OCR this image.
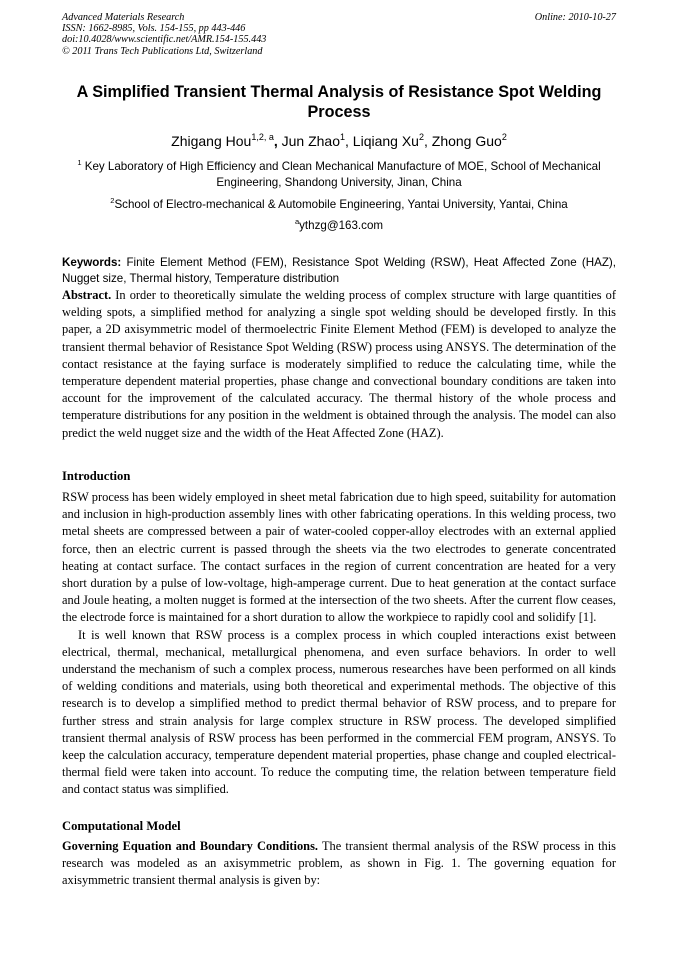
Advanced Materials Research
ISSN: 1662-8985, Vols. 154-155, pp 443-446
doi:10.4028/www.scientific.net/AMR.154-155.443
© 2011 Trans Tech Publications Ltd, Switzerland
Online: 2010-10-27
A Simplified Transient Thermal Analysis of Resistance Spot Welding Process
Zhigang Hou$^{1,2, a}$, Jun Zhao$^1$, Liqiang Xu$^2$, Zhong Guo$^2$
$^1$ Key Laboratory of High Efficiency and Clean Mechanical Manufacture of MOE, School of Mechanical Engineering, Shandong University, Jinan, China
$^2$School of Electro-mechanical & Automobile Engineering, Yantai University, Yantai, China
$^a$ythzg@163.com
Keywords: Finite Element Method (FEM), Resistance Spot Welding (RSW), Heat Affected Zone (HAZ), Nugget size, Thermal history, Temperature distribution

Abstract. In order to theoretically simulate the welding process of complex structure with large quantities of welding spots, a simplified method for analyzing a single spot welding should be developed firstly. In this paper, a 2D axisymmetric model of thermoelectric Finite Element Method (FEM) is developed to analyze the transient thermal behavior of Resistance Spot Welding (RSW) process using ANSYS. The determination of the contact resistance at the faying surface is moderately simplified to reduce the calculating time, while the temperature dependent material properties, phase change and convectional boundary conditions are taken into account for the improvement of the calculated accuracy. The thermal history of the whole process and temperature distributions for any position in the weldment is obtained through the analysis. The model can also predict the weld nugget size and the width of the Heat Affected Zone (HAZ).

Introduction

RSW process has been widely employed in sheet metal fabrication due to high speed, suitability for automation and inclusion in high-production assembly lines with other fabricating operations. In this welding process, two metal sheets are compressed between a pair of water-cooled copper-alloy electrodes with an external applied force, then an electric current is passed through the sheets via the two electrodes to generate concentrated heating at contact surface. The contact surfaces in the region of current concentration are heated for a very short duration by a pulse of low-voltage, high-amperage current. Due to heat generation at the contact surface and Joule heating, a molten nugget is formed at the intersection of the two sheets. After the current flow ceases, the electrode force is maintained for a short duration to allow the workpiece to rapidly cool and solidify [1].

It is well known that RSW process is a complex process in which coupled interactions exist between electrical, thermal, mechanical, metallurgical phenomena, and even surface behaviors. In order to well understand the mechanism of such a complex process, numerous researches have been performed on all kinds of welding conditions and materials, using both theoretical and experimental methods. The objective of this research is to develop a simplified method to predict thermal behavior of RSW process, and to prepare for further stress and strain analysis for large complex structure in RSW process. The developed simplified transient thermal analysis of RSW process has been performed in the commercial FEM program, ANSYS. To keep the calculation accuracy, temperature dependent material properties, phase change and coupled electrical-thermal field were taken into account. To reduce the computing time, the relation between temperature field and contact status was simplified.

Computational Model

Governing Equation and Boundary Conditions. The transient thermal analysis of the RSW process in this research was modeled as an axisymmetric problem, as shown in Fig. 1. The governing equation for axisymmetric transient thermal analysis is given by:
